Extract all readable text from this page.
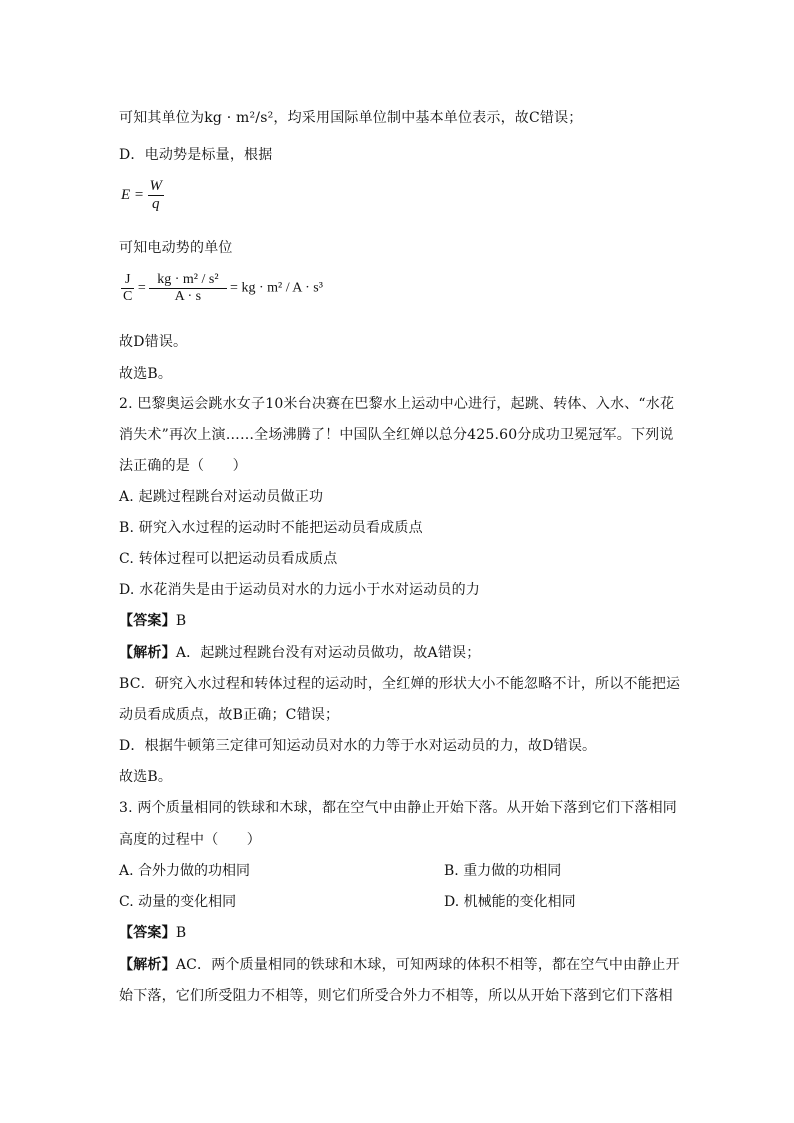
可知其单位为kg · m²/s²，均采用国际单位制中基本单位表示，故C错误；
D．电动势是标量，根据
$E = \frac{W}{q}$
可知电动势的单位
$\frac{J}{C} = \frac{\text{kg · m² / s²}}{A \cdot s}$ = kg · m² / A · s³
故D错误。
故选B。
2. 巴黎奥运会跳水女子10米台决赛在巴黎水上运动中心进行，起跳、转体、入水、“水花
消失术”再次上演……全场沸腾了！中国队全红婵以总分425.60分成功卫冕冠军。下列说
法正确的是（　　）
A. 起跳过程跳台对运动员做正功
B. 研究入水过程的运动时不能把运动员看成质点
C. 转体过程可以把运动员看成质点
D. 水花消失是由于运动员对水的力远小于水对运动员的力
【答案】B
【解析】A．起跳过程跳台没有对运动员做功，故A错误；
BC．研究入水过程和转体过程的运动时，全红婵的形状大小不能忽略不计，所以不能把运
动员看成质点，故B正确；C错误；
D．根据牛顿第三定律可知运动员对水的力等于水对运动员的力，故D错误。
故选B。
3. 两个质量相同的铁球和木球，都在空气中由静止开始下落。从开始下落到它们下落相同
高度的过程中（　　）
A. 合外力做的功相同	B. 重力做的功相同
C. 动量的变化相同	D. 机械能的变化相同
【答案】B
【解析】AC．两个质量相同的铁球和木球，可知两球的体积不相等，都在空气中由静止开
始下落，它们所受阻力不相等，则它们所受合外力不相等，所以从开始下落到它们下落相
